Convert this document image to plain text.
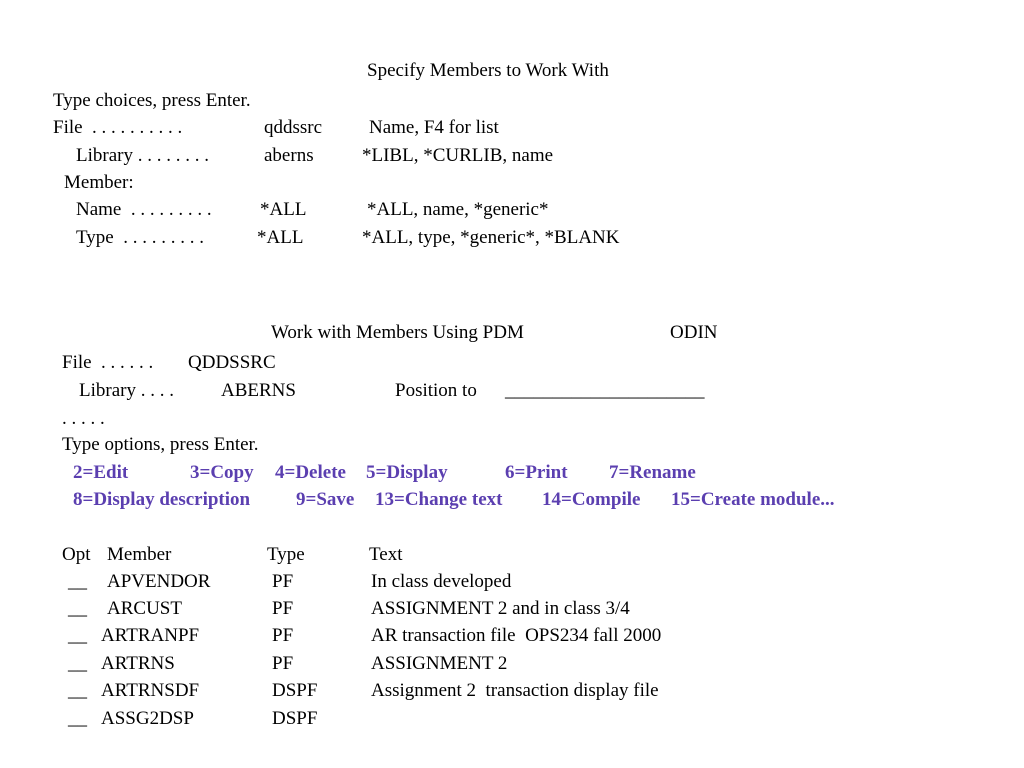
Specify Members to Work With
Type choices, press Enter.
File  . . . . . . . . . .	qddssrc Name, F4 for list
Library . . . . . . . .	aberns	*LIBL, *CURLIB, name
Member:
Name  . . . . . . . . .	*ALL	*ALL, name, *generic*
Type  . . . . . . . . .	*ALL	*ALL, type, *generic*, *BLANK
Work with Members Using PDM	ODIN
File  . . . . . . QDDSSRC
Library . . . . ABERNS	Position to _____________________
. . . . .
Type options, press Enter.
2=Edit	3=Copy 4=Delete 5=Display	6=Print 7=Rename
8=Display description 9=Save 13=Change text 14=Compile 15=Create module...
Opt Member	Type	Text
__ APVENDOR	PF	In class developed
__ ARCUST	PF	ASSIGNMENT 2 and in class 3/4
__ ARTRANPF	PF	AR transaction file  OPS234 fall 2000
__ ARTRNS	PF	ASSIGNMENT 2
__ ARTRNSDF	DSPF	Assignment 2  transaction display file
__ ASSG2DSP	DSPF
